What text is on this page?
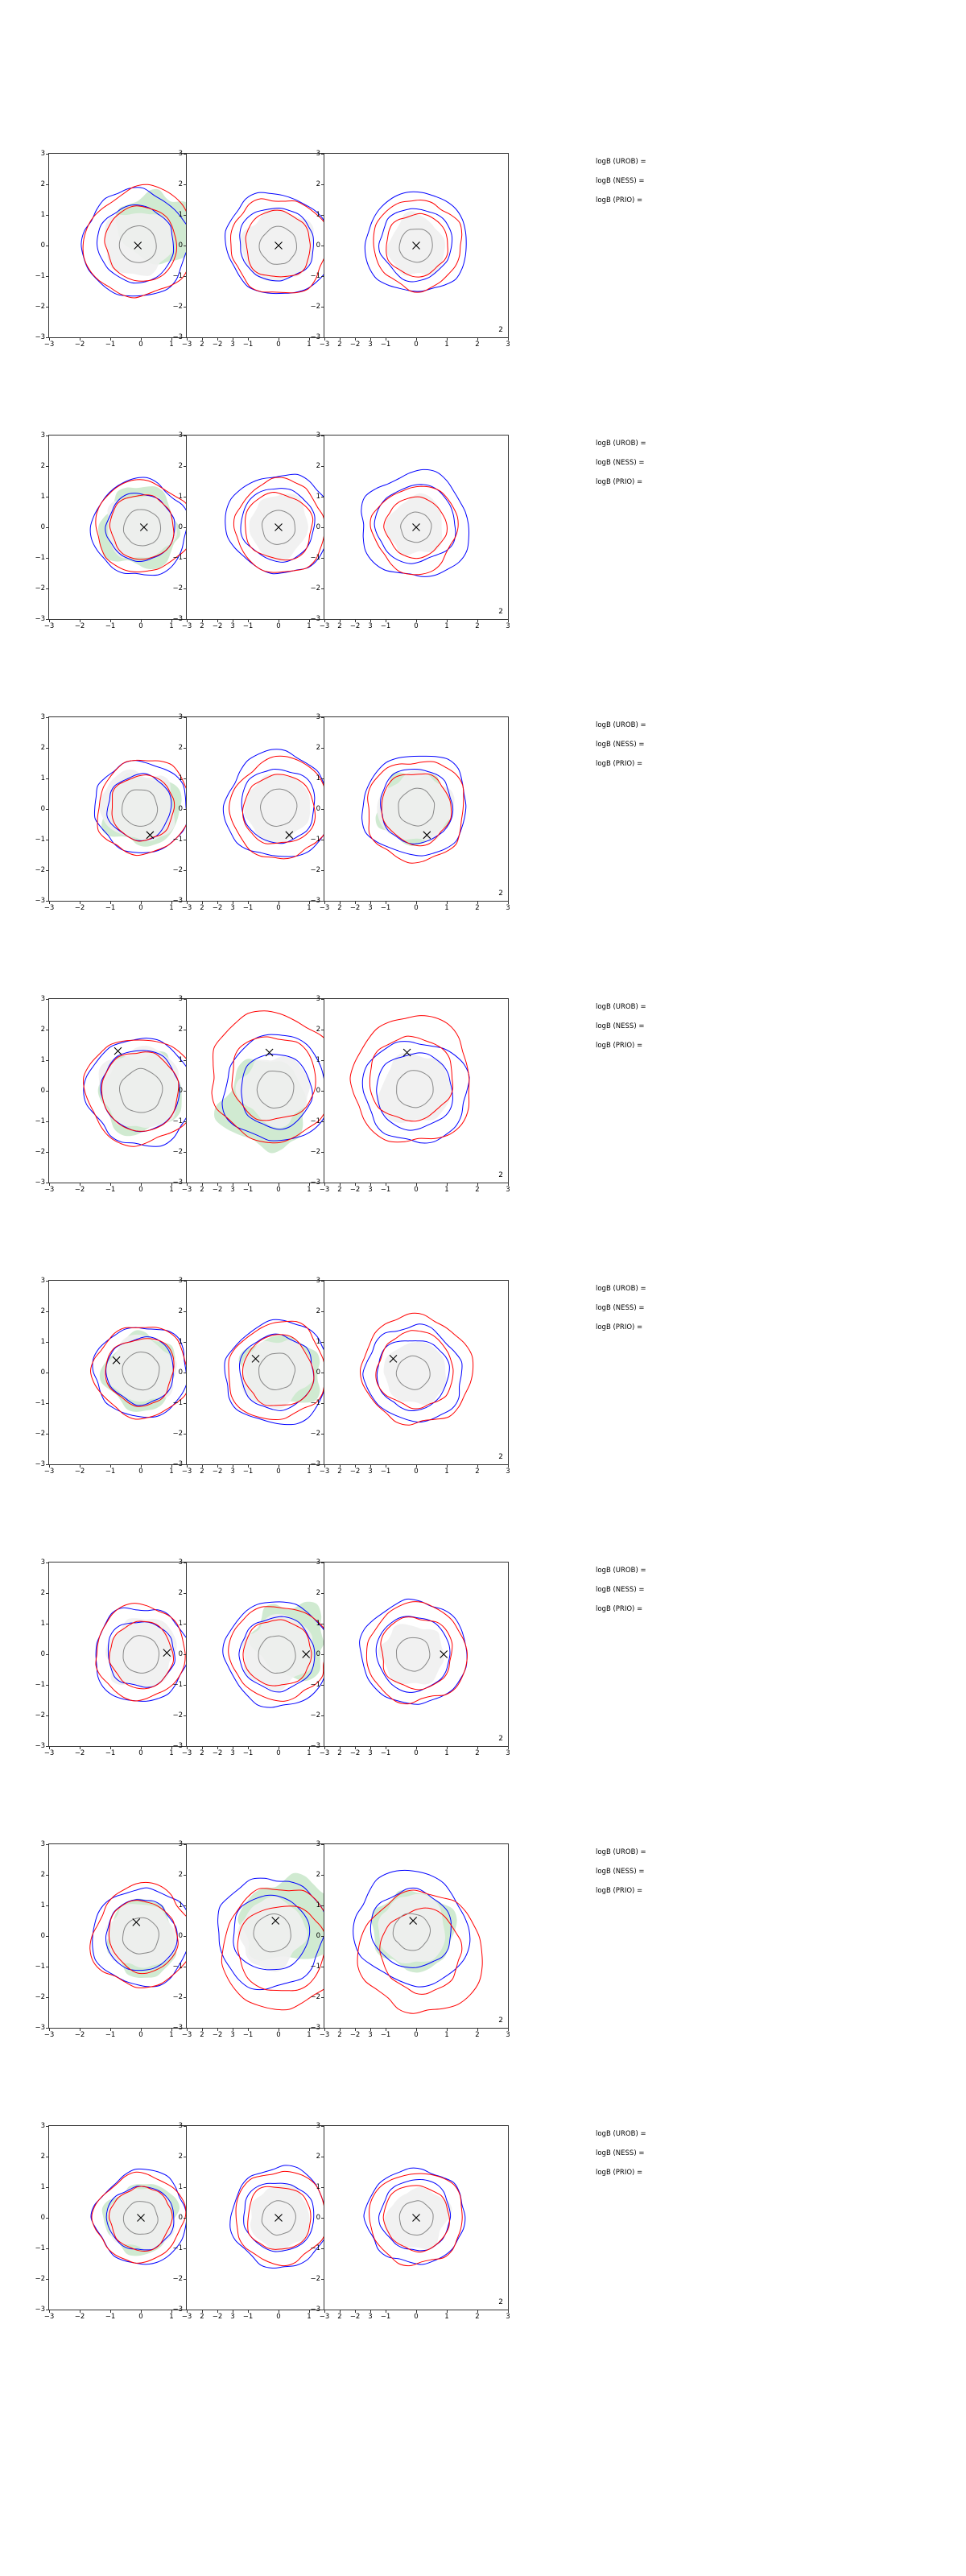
−3
−3
−2
−2
−1
−1
0
0
1
1
2
2
3
3
−3
−3
−2
−2
−1
−1
0
0
1
1
2
2
3
3
−3
−3
−2
−2
−1
−1
0
0
1
1
2
2
3
3
2
logB (UROB) =
logB (NESS) =
logB (PRIO) =
−3
−3
−2
−2
−1
−1
0
0
1
1
2
2
3
3
−3
−3
−2
−2
−1
−1
0
0
1
1
2
2
3
3
−3
−3
−2
−2
−1
−1
0
0
1
1
2
2
3
3
2
logB (UROB) =
logB (NESS) =
logB (PRIO) =
−3
−3
−2
−2
−1
−1
0
0
1
1
2
2
3
3
−3
−3
−2
−2
−1
−1
0
0
1
1
2
2
3
3
−3
−3
−2
−2
−1
−1
0
0
1
1
2
2
3
3
2
logB (UROB) =
logB (NESS) =
logB (PRIO) =
−3
−3
−2
−2
−1
−1
0
0
1
1
2
2
3
3
−3
−3
−2
−2
−1
−1
0
0
1
1
2
2
3
3
−3
−3
−2
−2
−1
−1
0
0
1
1
2
2
3
3
2
logB (UROB) =
logB (NESS) =
logB (PRIO) =
−3
−3
−2
−2
−1
−1
0
0
1
1
2
2
3
3
−3
−3
−2
−2
−1
−1
0
0
1
1
2
2
3
3
−3
−3
−2
−2
−1
−1
0
0
1
1
2
2
3
3
2
logB (UROB) =
logB (NESS) =
logB (PRIO) =
−3
−3
−2
−2
−1
−1
0
0
1
1
2
2
3
3
−3
−3
−2
−2
−1
−1
0
0
1
1
2
2
3
3
−3
−3
−2
−2
−1
−1
0
0
1
1
2
2
3
3
2
logB (UROB) =
logB (NESS) =
logB (PRIO) =
−3
−3
−2
−2
−1
−1
0
0
1
1
2
2
3
3
−3
−3
−2
−2
−1
−1
0
0
1
1
2
2
3
3
−3
−3
−2
−2
−1
−1
0
0
1
1
2
2
3
3
2
logB (UROB) =
logB (NESS) =
logB (PRIO) =
−3
−3
−2
−2
−1
−1
0
0
1
1
2
2
3
3
−3
−3
−2
−2
−1
−1
0
0
1
1
2
2
3
3
−3
−3
−2
−2
−1
−1
0
0
1
1
2
2
3
3
2
logB (UROB) =
logB (NESS) =
logB (PRIO) =
